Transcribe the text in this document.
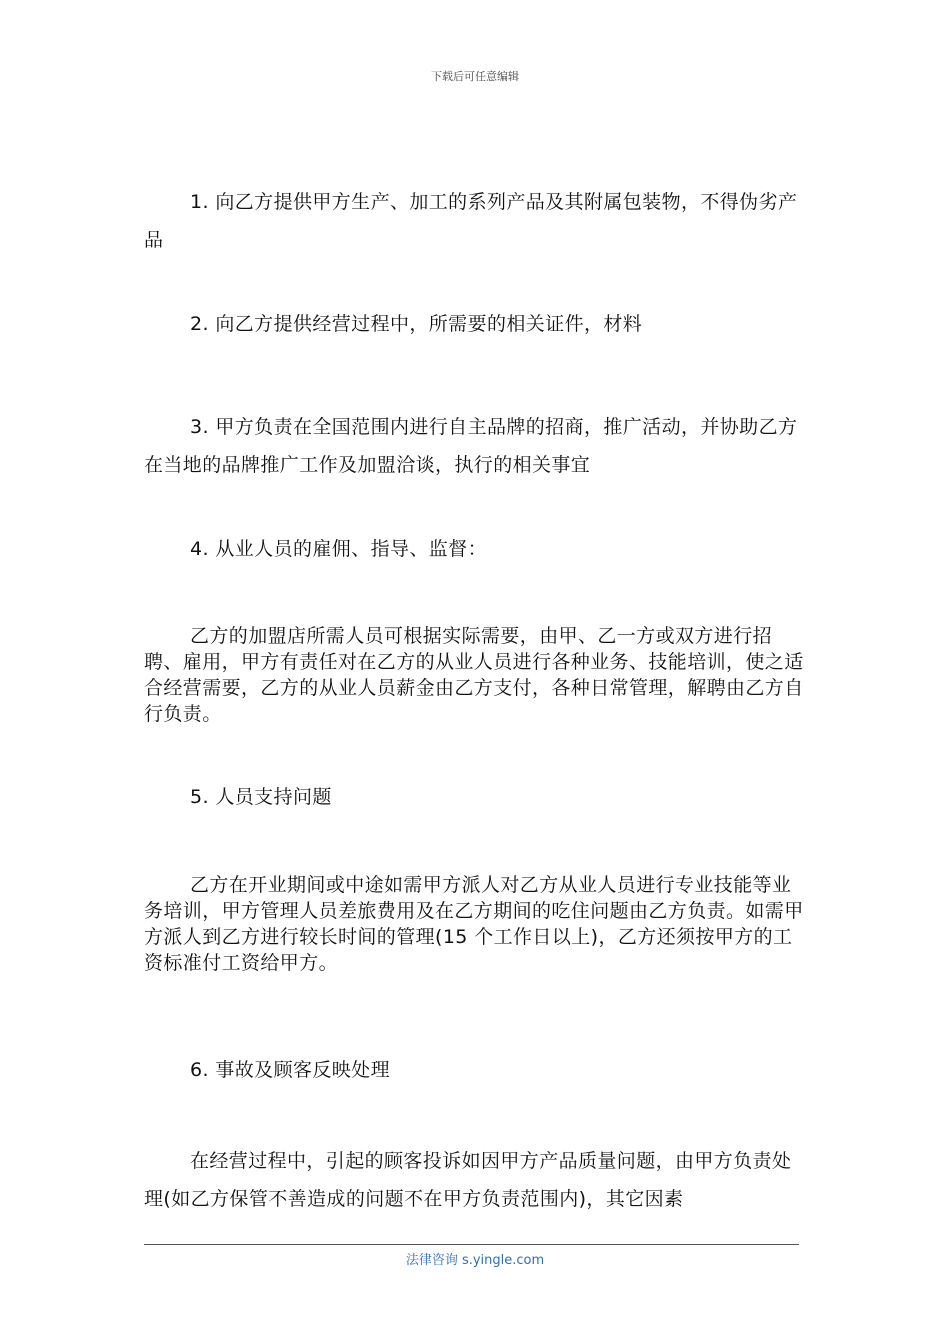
下载后可任意编辑
1. 向乙方提供甲方生产、加工的系列产品及其附属包装物，不得伪劣产品
2. 向乙方提供经营过程中，所需要的相关证件，材料
3. 甲方负责在全国范围内进行自主品牌的招商，推广活动，并协助乙方在当地的品牌推广工作及加盟洽谈，执行的相关事宜
4. 从业人员的雇佣、指导、监督：
乙方的加盟店所需人员可根据实际需要，由甲、乙一方或双方进行招聘、雇用，甲方有责任对在乙方的从业人员进行各种业务、技能培训，使之适合经营需要，乙方的从业人员薪金由乙方支付，各种日常管理，解聘由乙方自行负责。
5. 人员支持问题
乙方在开业期间或中途如需甲方派人对乙方从业人员进行专业技能等业务培训，甲方管理人员差旅费用及在乙方期间的吃住问题由乙方负责。如需甲方派人到乙方进行较长时间的管理(15 个工作日以上)，乙方还须按甲方的工资标准付工资给甲方。
6. 事故及顾客反映处理
在经营过程中，引起的顾客投诉如因甲方产品质量问题，由甲方负责处理(如乙方保管不善造成的问题不在甲方负责范围内)，其它因素
法律咨询 s.yingle.com
